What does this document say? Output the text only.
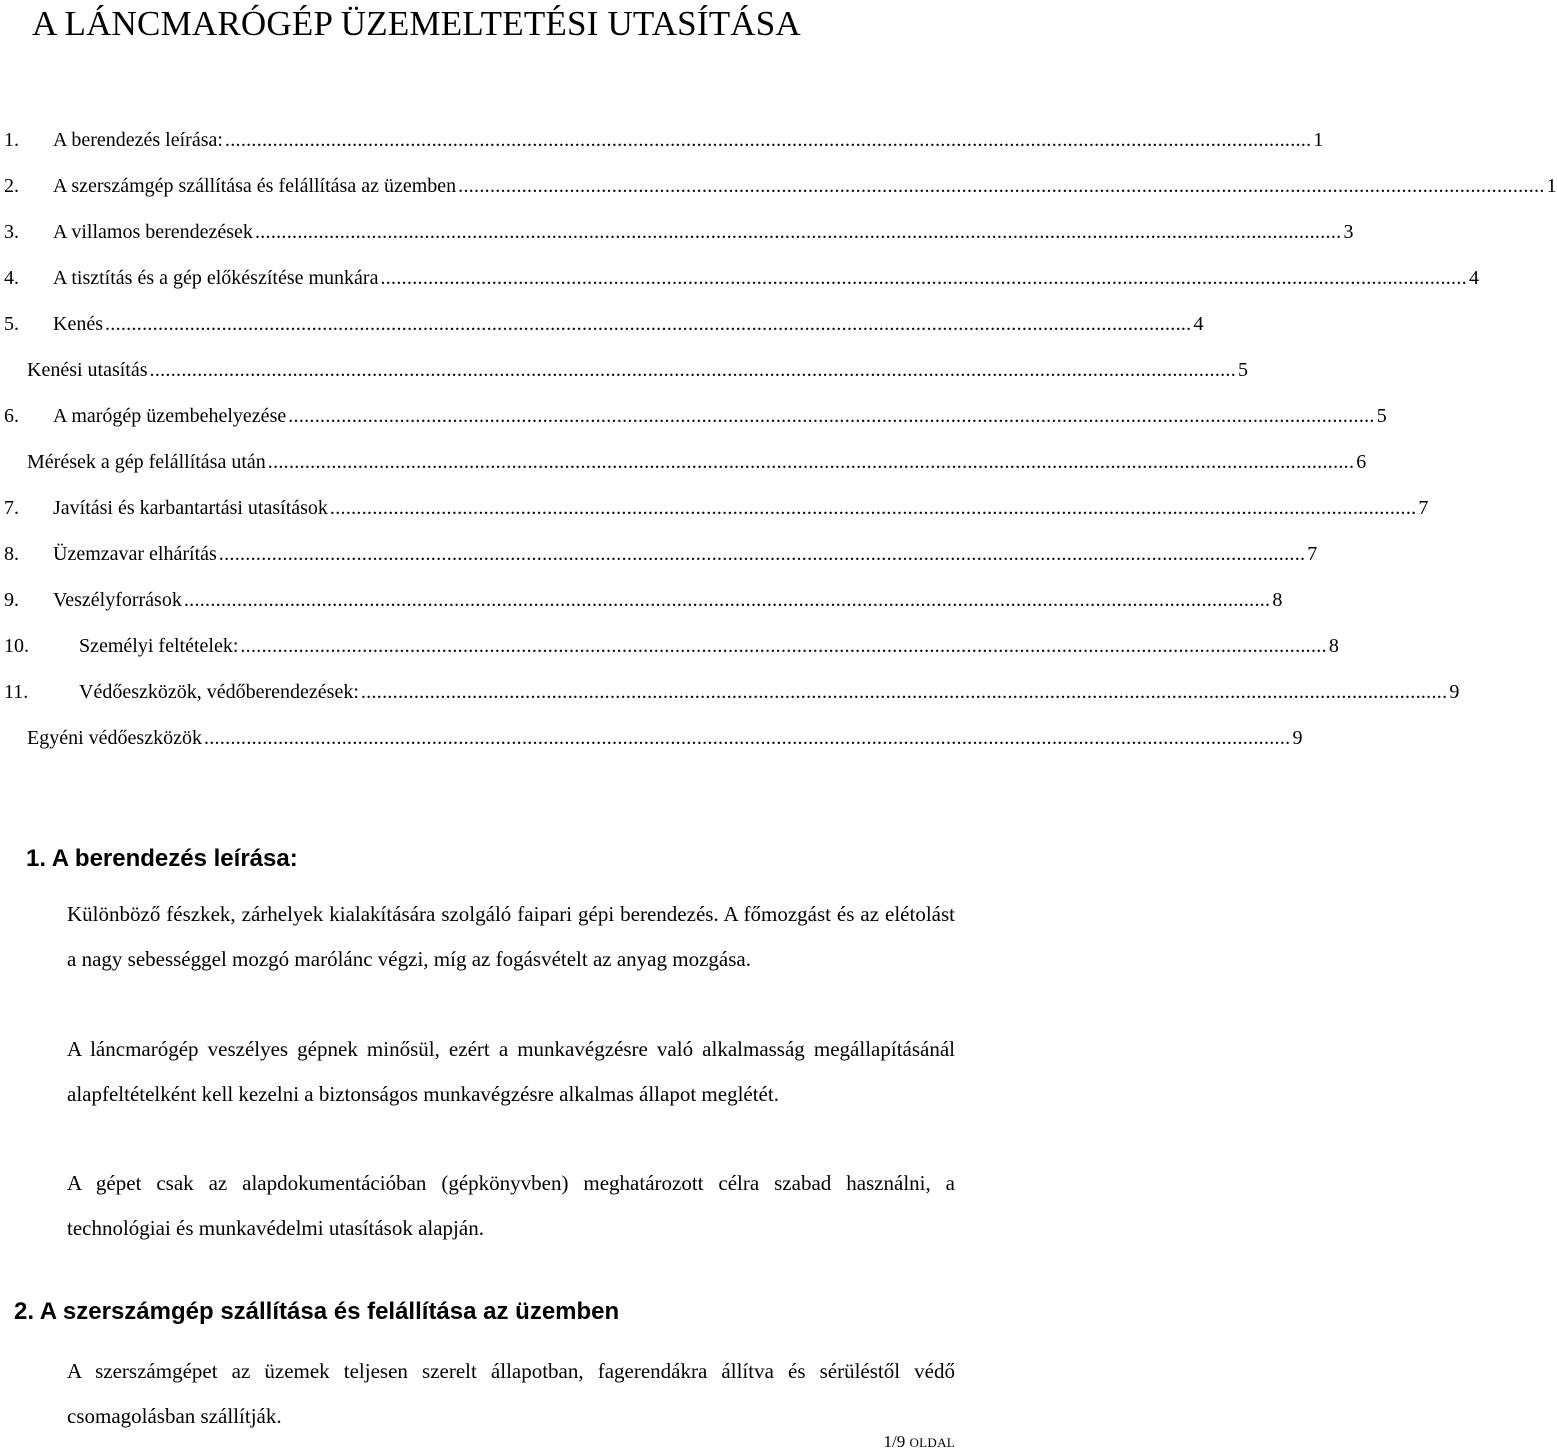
A LÁNCMARÓGÉP ÜZEMELTETÉSI UTASÍTÁSA
1. A berendezés leírása: ............................................................................................................................................................................................................. 1
2. A szerszámgép szállítása és felállítása az üzemben ............................................................................................................................................................................................................. 1
3. A villamos berendezések ............................................................................................................................................................................................................. 3
4. A tisztítás és a gép előkészítése munkára ............................................................................................................................................................................................................. 4
5. Kenés ............................................................................................................................................................................................................. 4
Kenési utasítás ............................................................................................................................................................................................................. 5
6. A marógép üzembehelyezése ............................................................................................................................................................................................................. 5
Mérések a gép felállítása után ............................................................................................................................................................................................................. 6
7. Javítási és karbantartási utasítások ............................................................................................................................................................................................................. 7
8. Üzemzavar elhárítás ............................................................................................................................................................................................................. 7
9. Veszélyforrások ............................................................................................................................................................................................................. 8
10.	Személyi feltételek: ............................................................................................................................................................................................................. 8
11.	Védőeszközök, védőberendezések: ............................................................................................................................................................................................................. 9
Egyéni védőeszközök ............................................................................................................................................................................................................. 9
1. A berendezés leírása:

Különböző fészkek, zárhelyek kialakítására szolgáló faipari gépi berendezés. A főmozgást és az elétolást a nagy sebességgel mozgó marólánc végzi, míg az fogásvételt az anyag mozgása.

A láncmarógép veszélyes gépnek minősül, ezért a munkavégzésre való alkalmasság megállapításánál alapfeltételként kell kezelni a biztonságos munkavégzésre alkalmas állapot meglétét.

A gépet csak az alapdokumentációban (gépkönyvben) meghatározott célra szabad használni, a technológiai és munkavédelmi utasítások alapján.

2. A szerszámgép szállítása és felállítása az üzemben

A szerszámgépet az üzemek teljesen szerelt állapotban, fagerendákra állítva és sérüléstől védő csomagolásban szállítják.

1/9 OLDAL
